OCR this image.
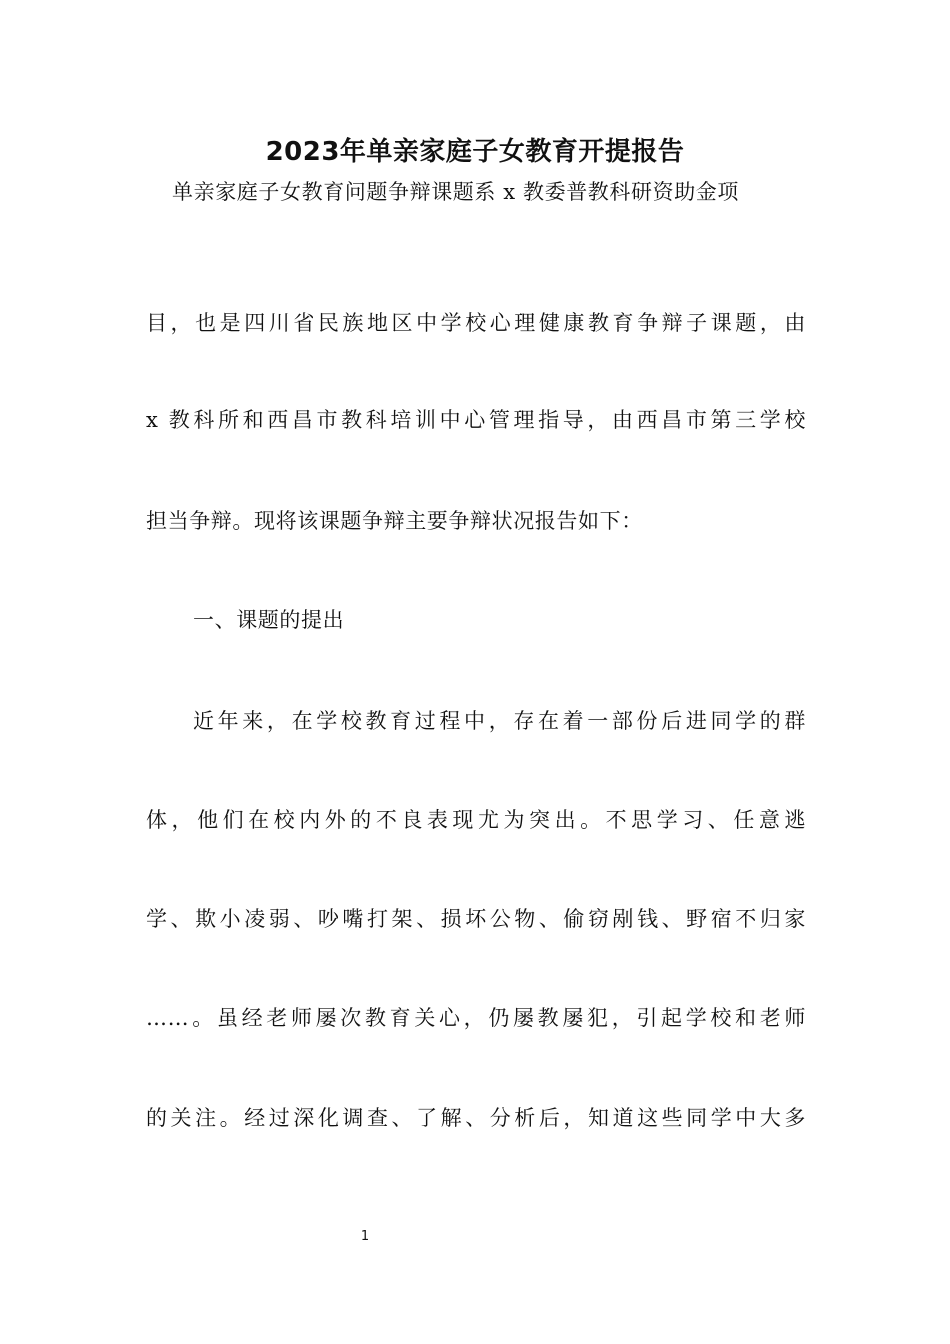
2023年单亲家庭子女教育开提报告

单亲家庭子女教育问题争辩课题系 x 教委普教科研资助金项

目，也是四川省民族地区中学校心理健康教育争辩子课题，由

x 教科所和西昌市教科培训中心管理指导，由西昌市第三学校

担当争辩。现将该课题争辩主要争辩状况报告如下：

一、课题的提出

近年来，在学校教育过程中，存在着一部份后进同学的群

体，他们在校内外的不良表现尤为突出。不思学习、任意逃

学、欺小凌弱、吵嘴打架、损坏公物、偷窃剐钱、野宿不归家

……。虽经老师屡次教育关心，仍屡教屡犯，引起学校和老师

的关注。经过深化调查、了解、分析后，知道这些同学中大多

1
